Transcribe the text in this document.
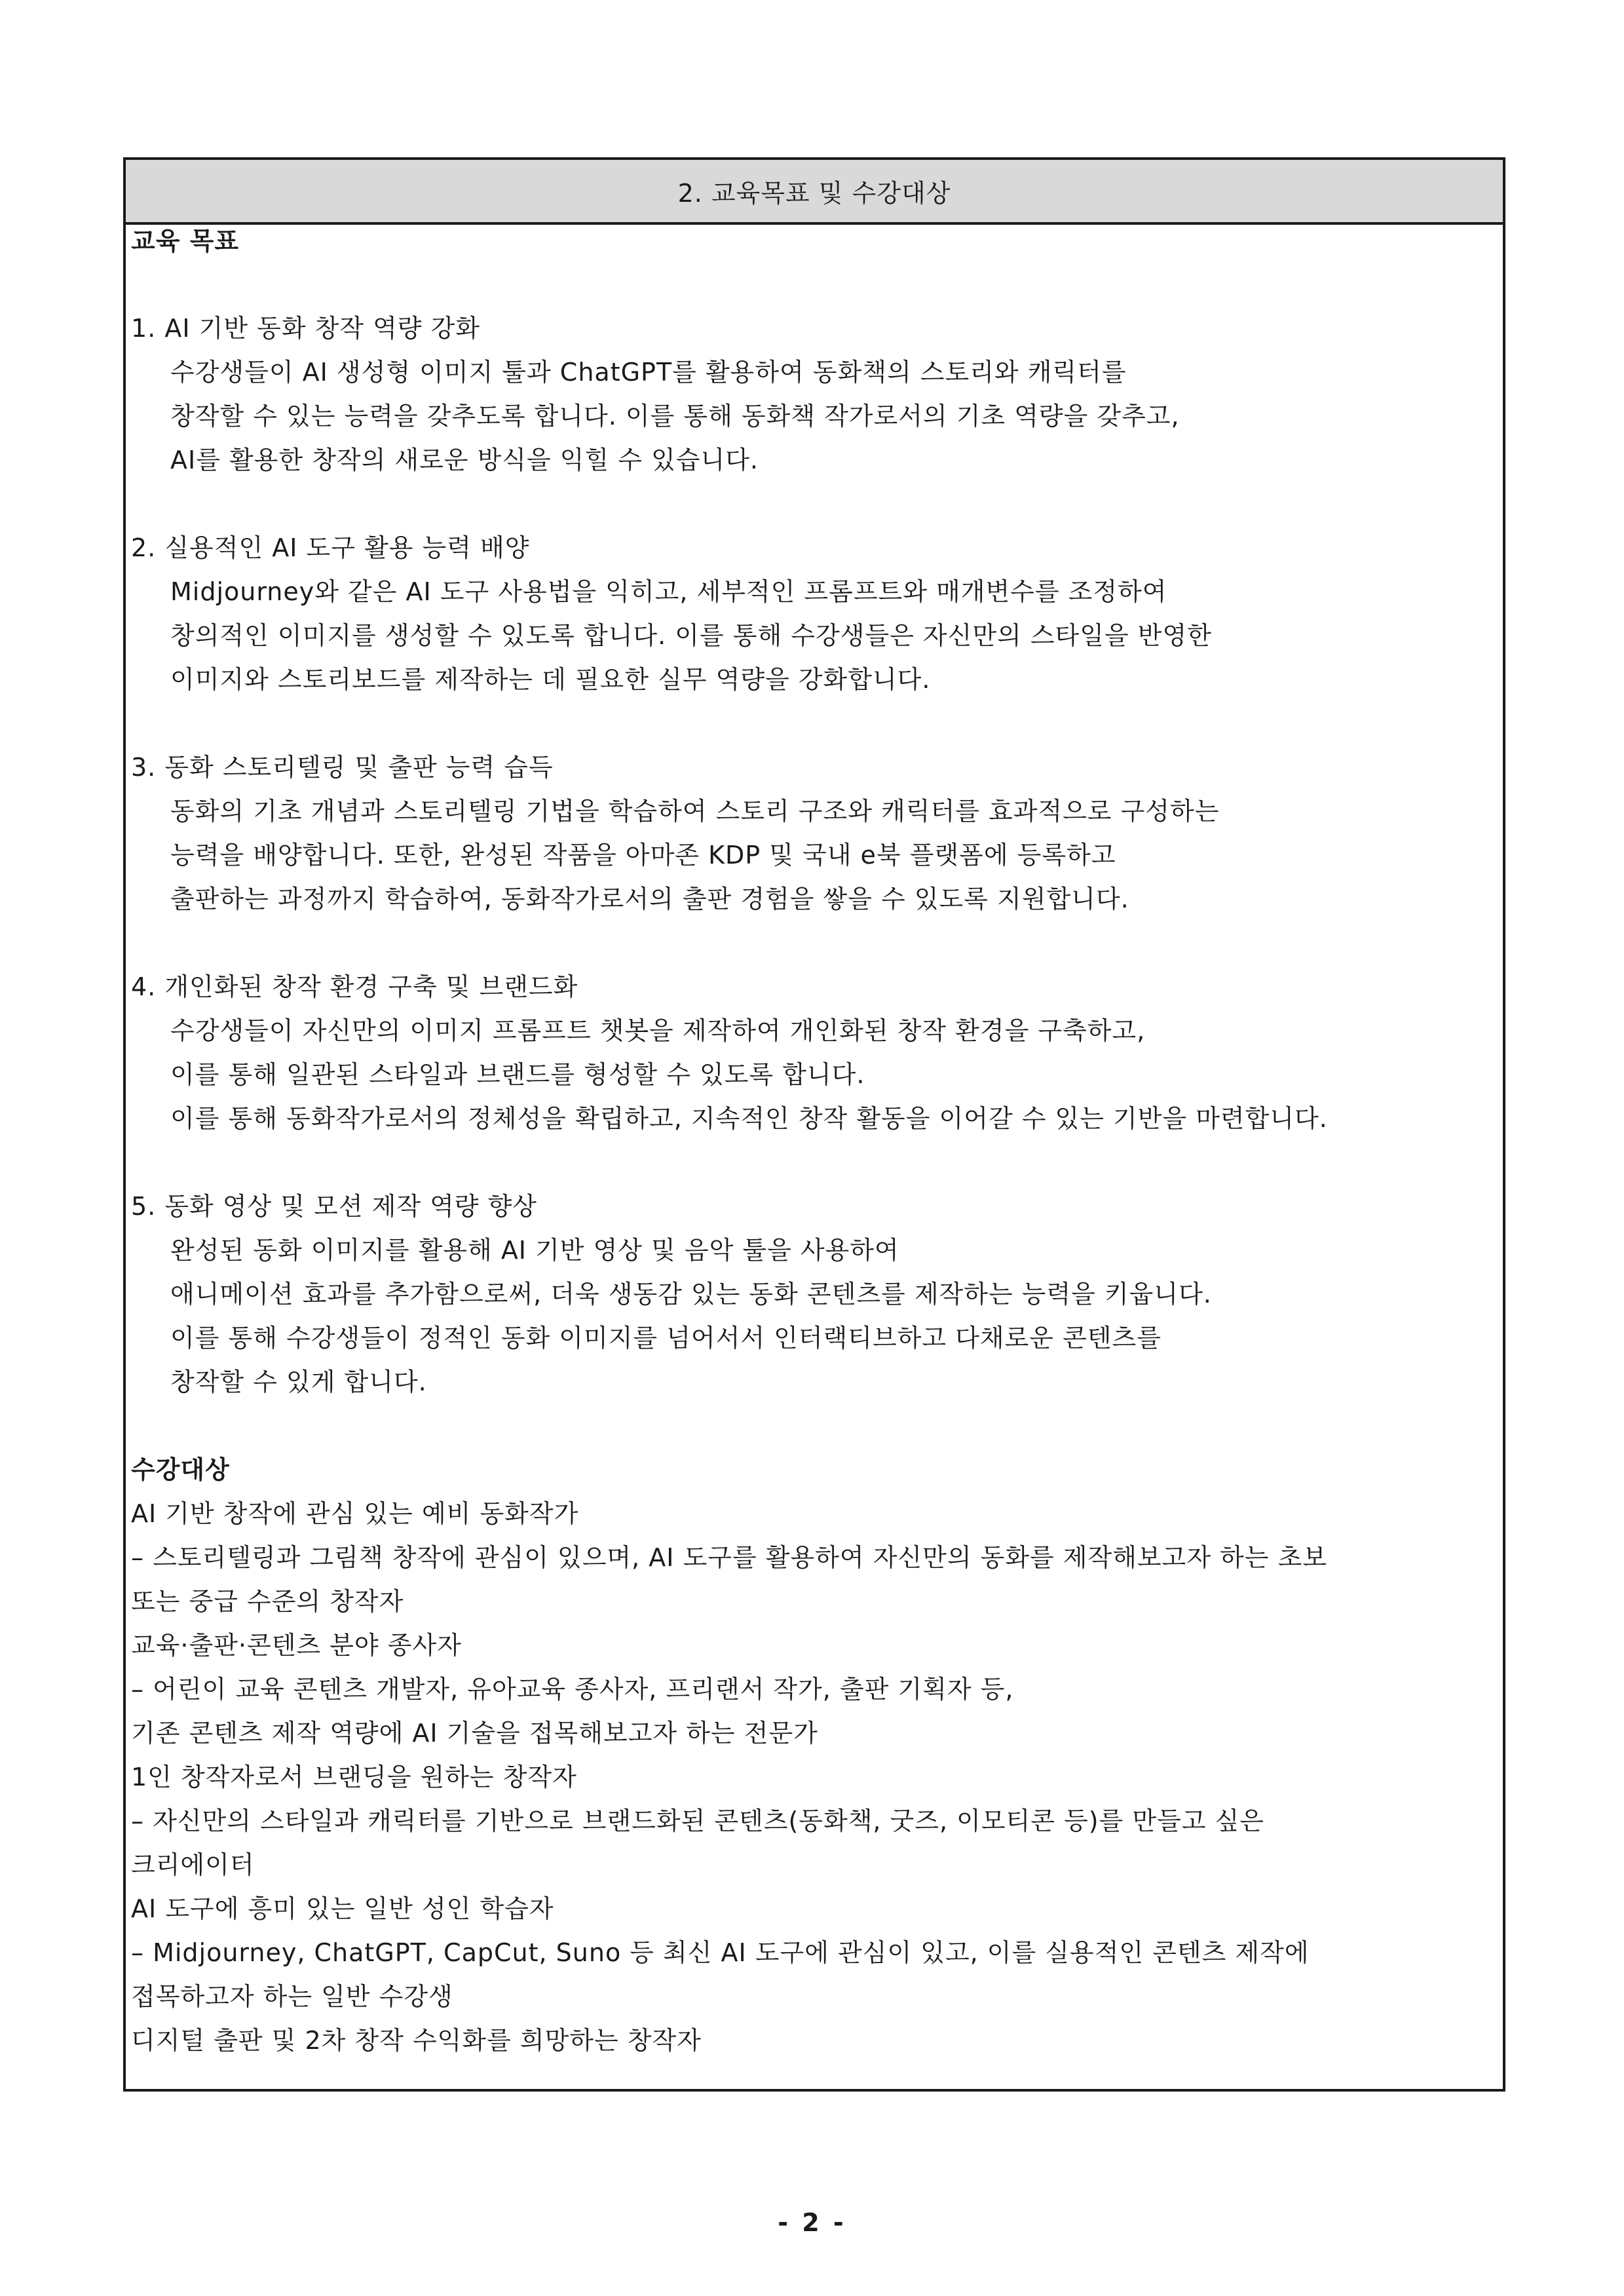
2. 교육목표 및 수강대상
교육 목표
1. AI 기반 동화 창작 역량 강화
수강생들이 AI 생성형 이미지 툴과 ChatGPT를 활용하여 동화책의 스토리와 캐릭터를
창작할 수 있는 능력을 갖추도록 합니다. 이를 통해 동화책 작가로서의 기초 역량을 갖추고,
AI를 활용한 창작의 새로운 방식을 익힐 수 있습니다.
2. 실용적인 AI 도구 활용 능력 배양
Midjourney와 같은 AI 도구 사용법을 익히고, 세부적인 프롬프트와 매개변수를 조정하여
창의적인 이미지를 생성할 수 있도록 합니다. 이를 통해 수강생들은 자신만의 스타일을 반영한
이미지와 스토리보드를 제작하는 데 필요한 실무 역량을 강화합니다.
3. 동화 스토리텔링 및 출판 능력 습득
동화의 기초 개념과 스토리텔링 기법을 학습하여 스토리 구조와 캐릭터를 효과적으로 구성하는
능력을 배양합니다. 또한, 완성된 작품을 아마존 KDP 및 국내 e북 플랫폼에 등록하고
출판하는 과정까지 학습하여, 동화작가로서의 출판 경험을 쌓을 수 있도록 지원합니다.
4. 개인화된 창작 환경 구축 및 브랜드화
수강생들이 자신만의 이미지 프롬프트 챗봇을 제작하여 개인화된 창작 환경을 구축하고,
이를 통해 일관된 스타일과 브랜드를 형성할 수 있도록 합니다.
이를 통해 동화작가로서의 정체성을 확립하고, 지속적인 창작 활동을 이어갈 수 있는 기반을 마련합니다.
5. 동화 영상 및 모션 제작 역량 향상
완성된 동화 이미지를 활용해 AI 기반 영상 및 음악 툴을 사용하여
애니메이션 효과를 추가함으로써, 더욱 생동감 있는 동화 콘텐츠를 제작하는 능력을 키웁니다.
이를 통해 수강생들이 정적인 동화 이미지를 넘어서서 인터랙티브하고 다채로운 콘텐츠를
창작할 수 있게 합니다.
수강대상
AI 기반 창작에 관심 있는 예비 동화작가
– 스토리텔링과 그림책 창작에 관심이 있으며, AI 도구를 활용하여 자신만의 동화를 제작해보고자 하는 초보
또는 중급 수준의 창작자
교육·출판·콘텐츠 분야 종사자
– 어린이 교육 콘텐츠 개발자, 유아교육 종사자, 프리랜서 작가, 출판 기획자 등,
기존 콘텐츠 제작 역량에 AI 기술을 접목해보고자 하는 전문가
1인 창작자로서 브랜딩을 원하는 창작자
– 자신만의 스타일과 캐릭터를 기반으로 브랜드화된 콘텐츠(동화책, 굿즈, 이모티콘 등)를 만들고 싶은
크리에이터
AI 도구에 흥미 있는 일반 성인 학습자
– Midjourney, ChatGPT, CapCut, Suno 등 최신 AI 도구에 관심이 있고, 이를 실용적인 콘텐츠 제작에
접목하고자 하는 일반 수강생
디지털 출판 및 2차 창작 수익화를 희망하는 창작자
- 2 -
